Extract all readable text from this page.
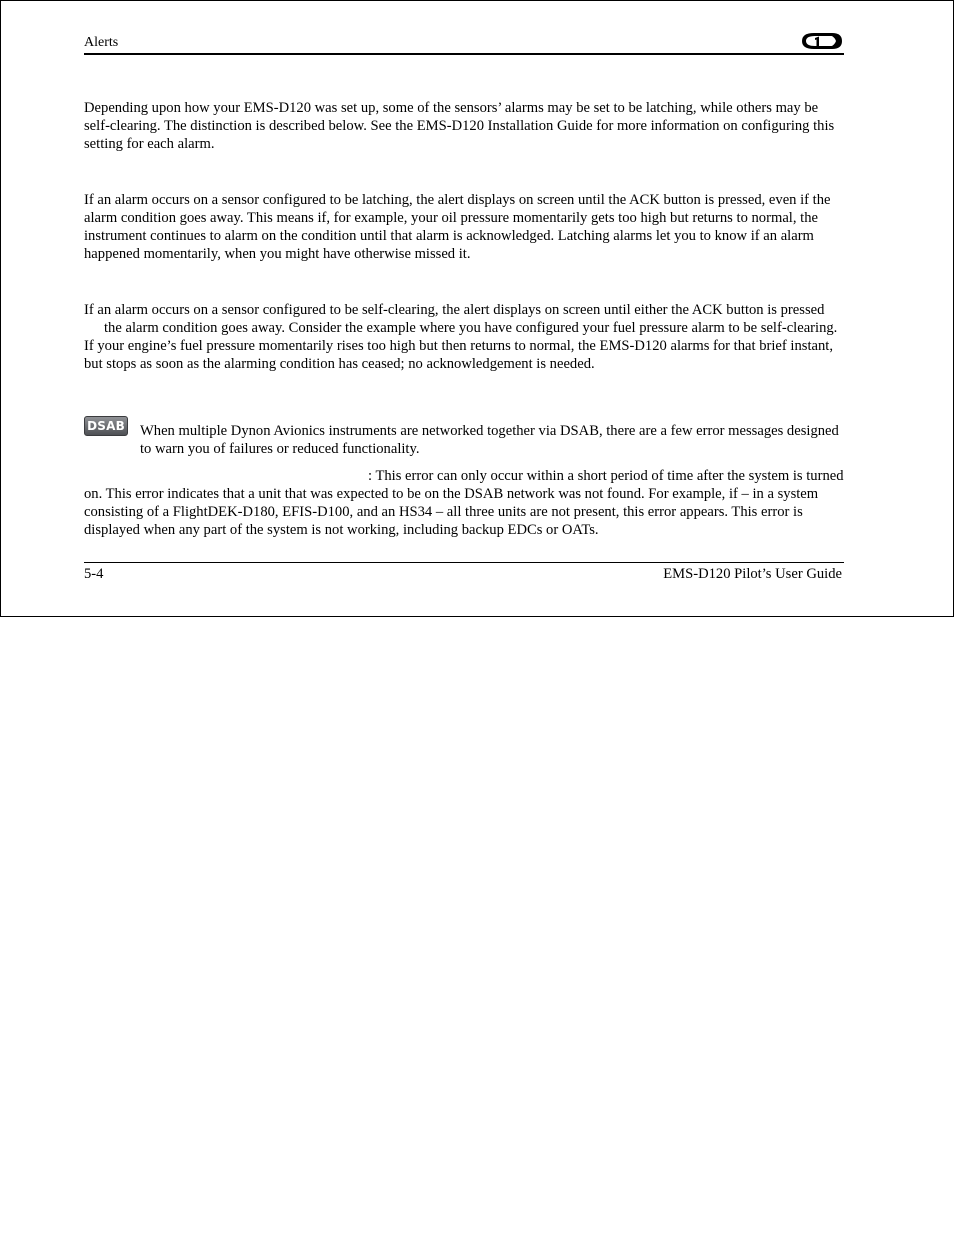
Alerts

Depending upon how your EMS-D120 was set up, some of the sensors’ alarms may be set to be latching, while others may be self-clearing. The distinction is described below. See the EMS-D120 Installation Guide for more information on configuring this setting for each alarm.

If an alarm occurs on a sensor configured to be latching, the alert displays on screen until the ACK button is pressed, even if the alarm condition goes away. This means if, for example, your oil pressure momentarily gets too high but returns to normal, the instrument continues to alarm on the condition until that alarm is acknowledged. Latching alarms let you to know if an alarm happened momentarily, when you might have otherwise missed it.

If an alarm occurs on a sensor configured to be self-clearing, the alert displays on screen until either the ACK button is pressedthe alarm condition goes away. Consider the example where you have configured your fuel pressure alarm to be self-clearing. If your engine’s fuel pressure momentarily rises too high but then returns to normal, the EMS-D120 alarms for that brief instant, but stops as soon as the alarming condition has ceased; no acknowledgement is needed.

DSAB When multiple Dynon Avionics instruments are networked together via DSAB, there are a few error messages designed to warn you of failures or reduced functionality.

: This error can only occur within a short period of time after the system is turned on. This error indicates that a unit that was expected to be on the DSAB network was not found. For example, if – in a system consisting of a FlightDEK-D180, EFIS-D100, and an HS34 – all three units are not present, this error appears. This error is displayed when any part of the system is not working, including backup EDCs or OATs.

5-4	EMS-D120 Pilot’s User Guide
